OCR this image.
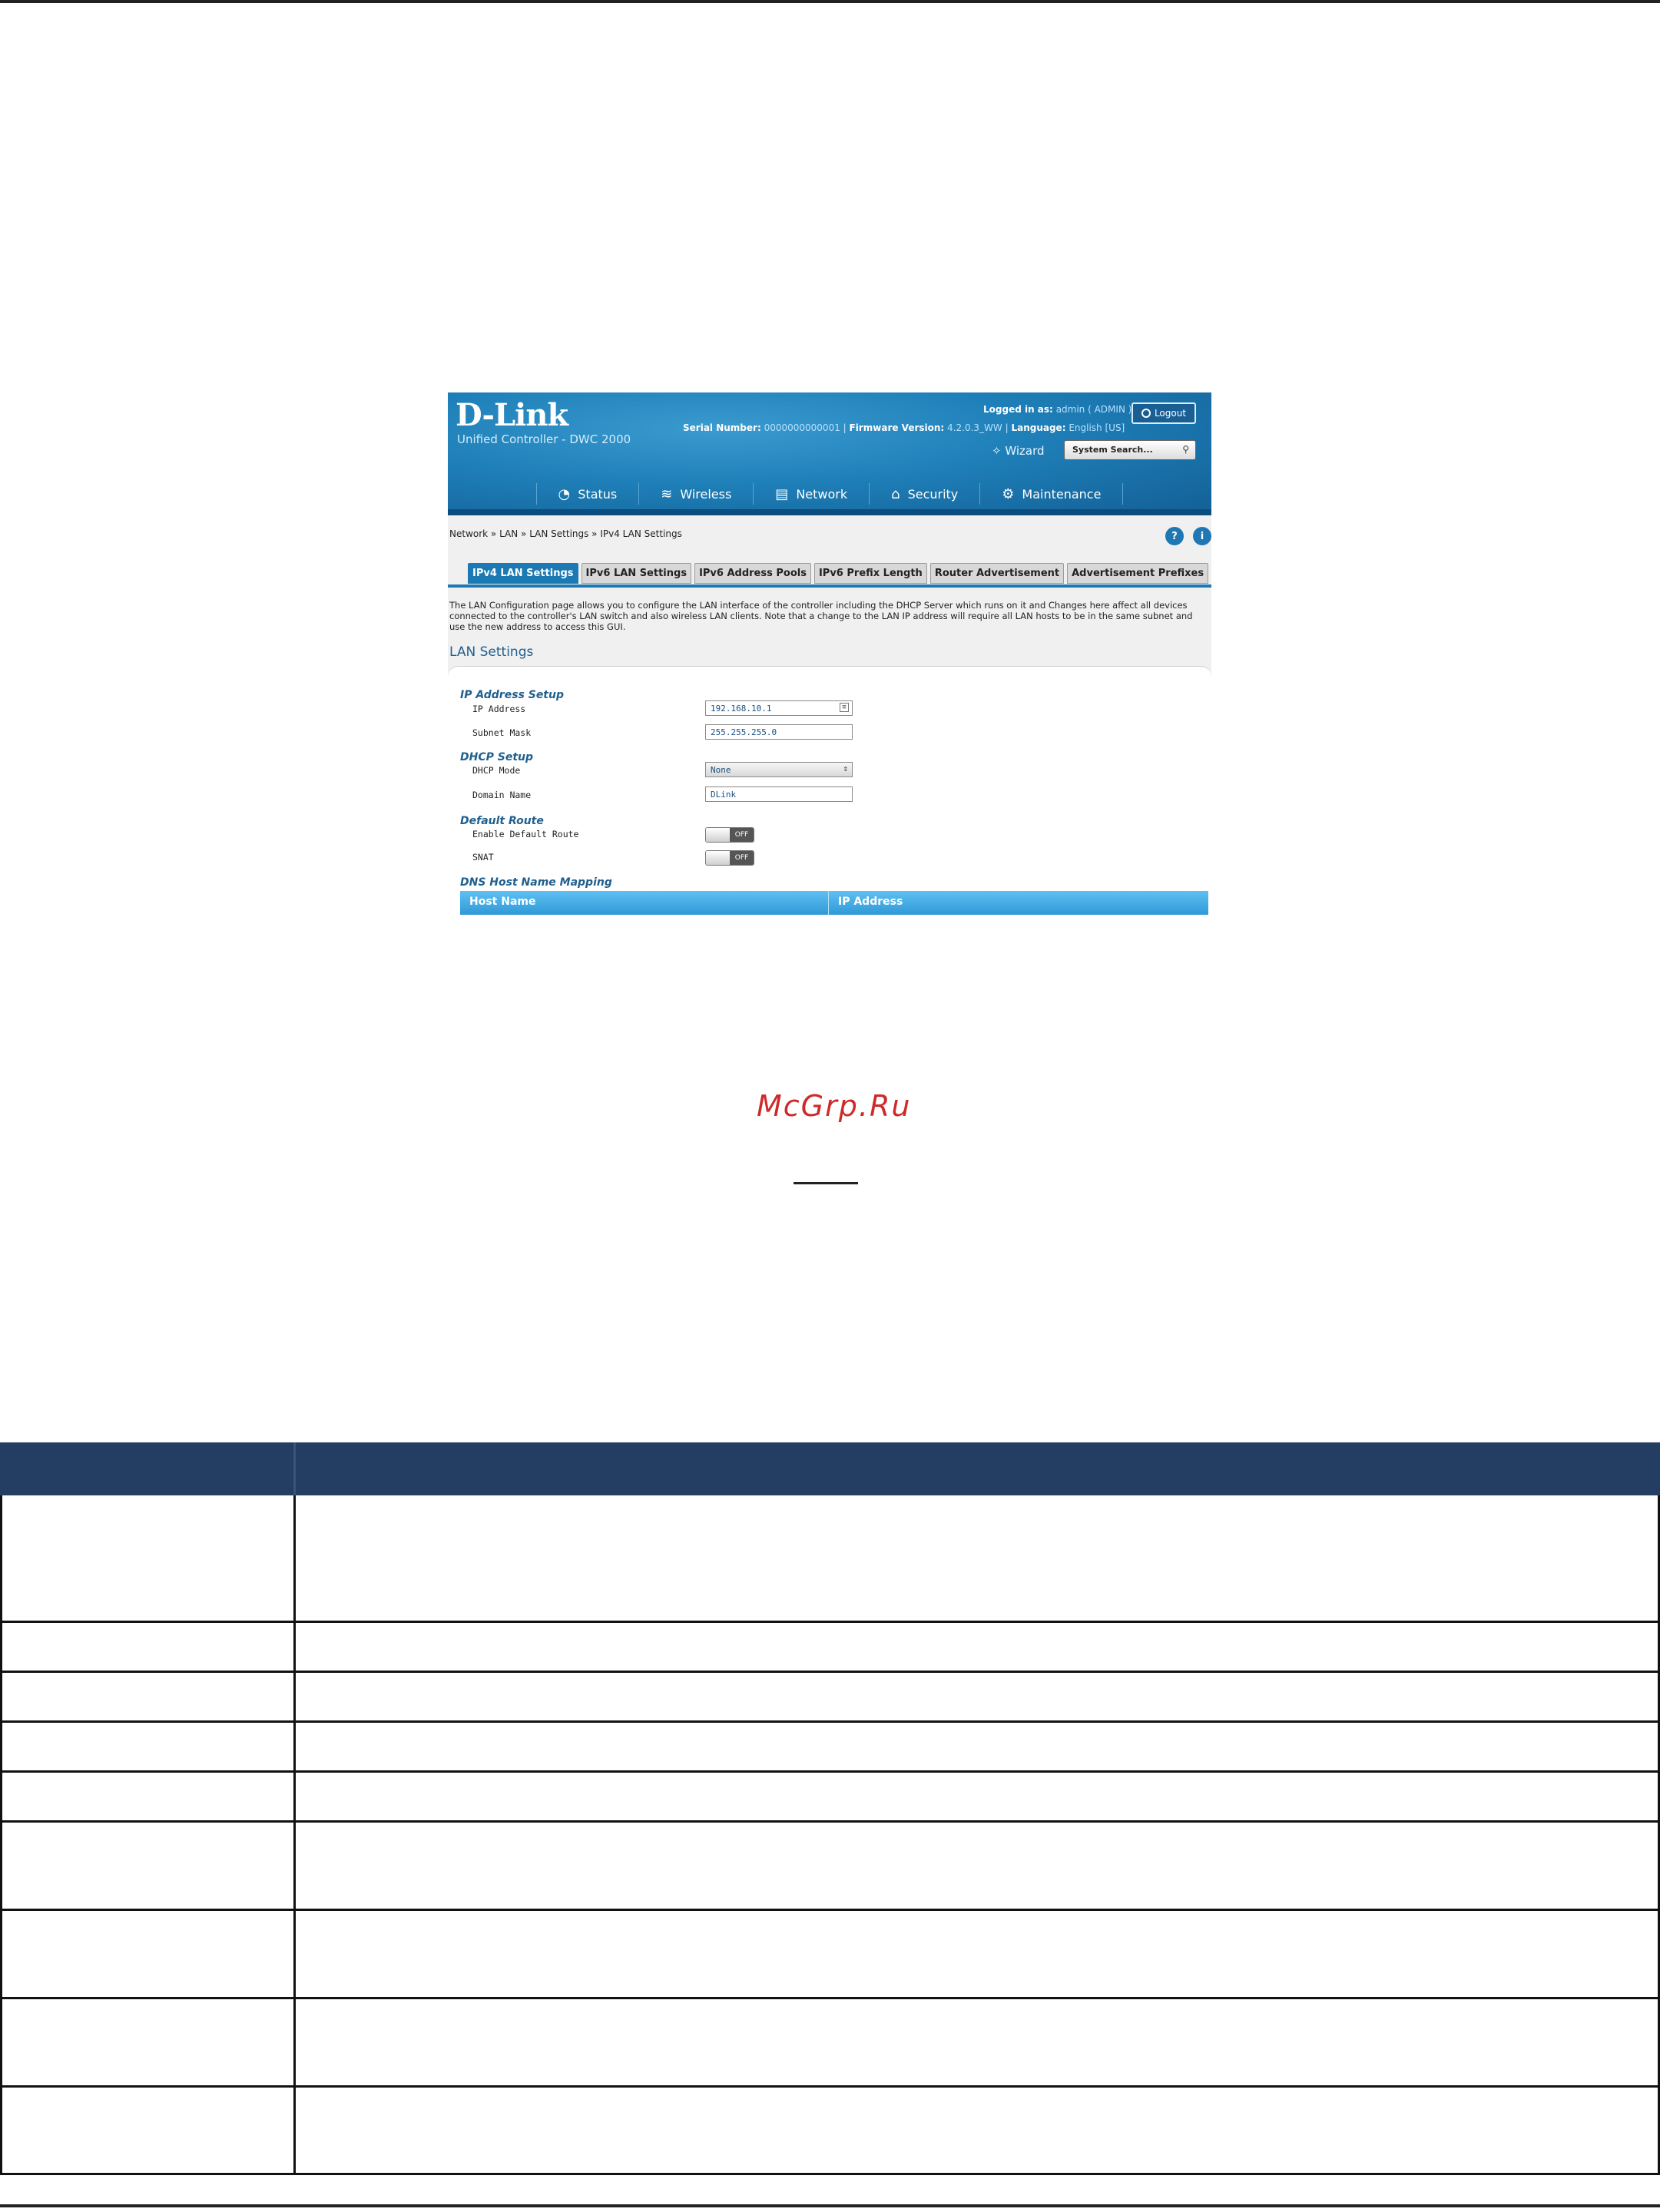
D-Link
Unified Controller - DWC 2000
Logged in as: admin ( ADMIN ) Logout
Serial Number: 0000000000001 | Firmware Version: 4.2.0.3_WW | Language: English [US]
✧ Wizard	System Search...	⚲
◔ Status	≋ Wireless	▤ Network	⌂ Security	⚙ Maintenance
Network » LAN » LAN Settings » IPv4 LAN Settings	?	i
IPv4 LAN Settings	IPv6 LAN Settings	IPv6 Address Pools	IPv6 Prefix Length	Router Advertisement	Advertisement Prefixes
The LAN Configuration page allows you to configure the LAN interface of the controller including the DHCP Server which runs on it and Changes here affect all devices connected to the controller's LAN switch and also wireless LAN clients. Note that a change to the LAN IP address will require all LAN hosts to be in the same subnet and use the new address to access this GUI.
LAN Settings
IP Address Setup
IP Address	192.168.10.1	≡
Subnet Mask	255.255.255.0
DHCP Setup
DHCP Mode	None	⇕
Domain Name	DLink
Default Route
Enable Default Route	OFF
SNAT	OFF
DNS Host Name Mapping
Host Name	IP Address
McGrp.Ru
